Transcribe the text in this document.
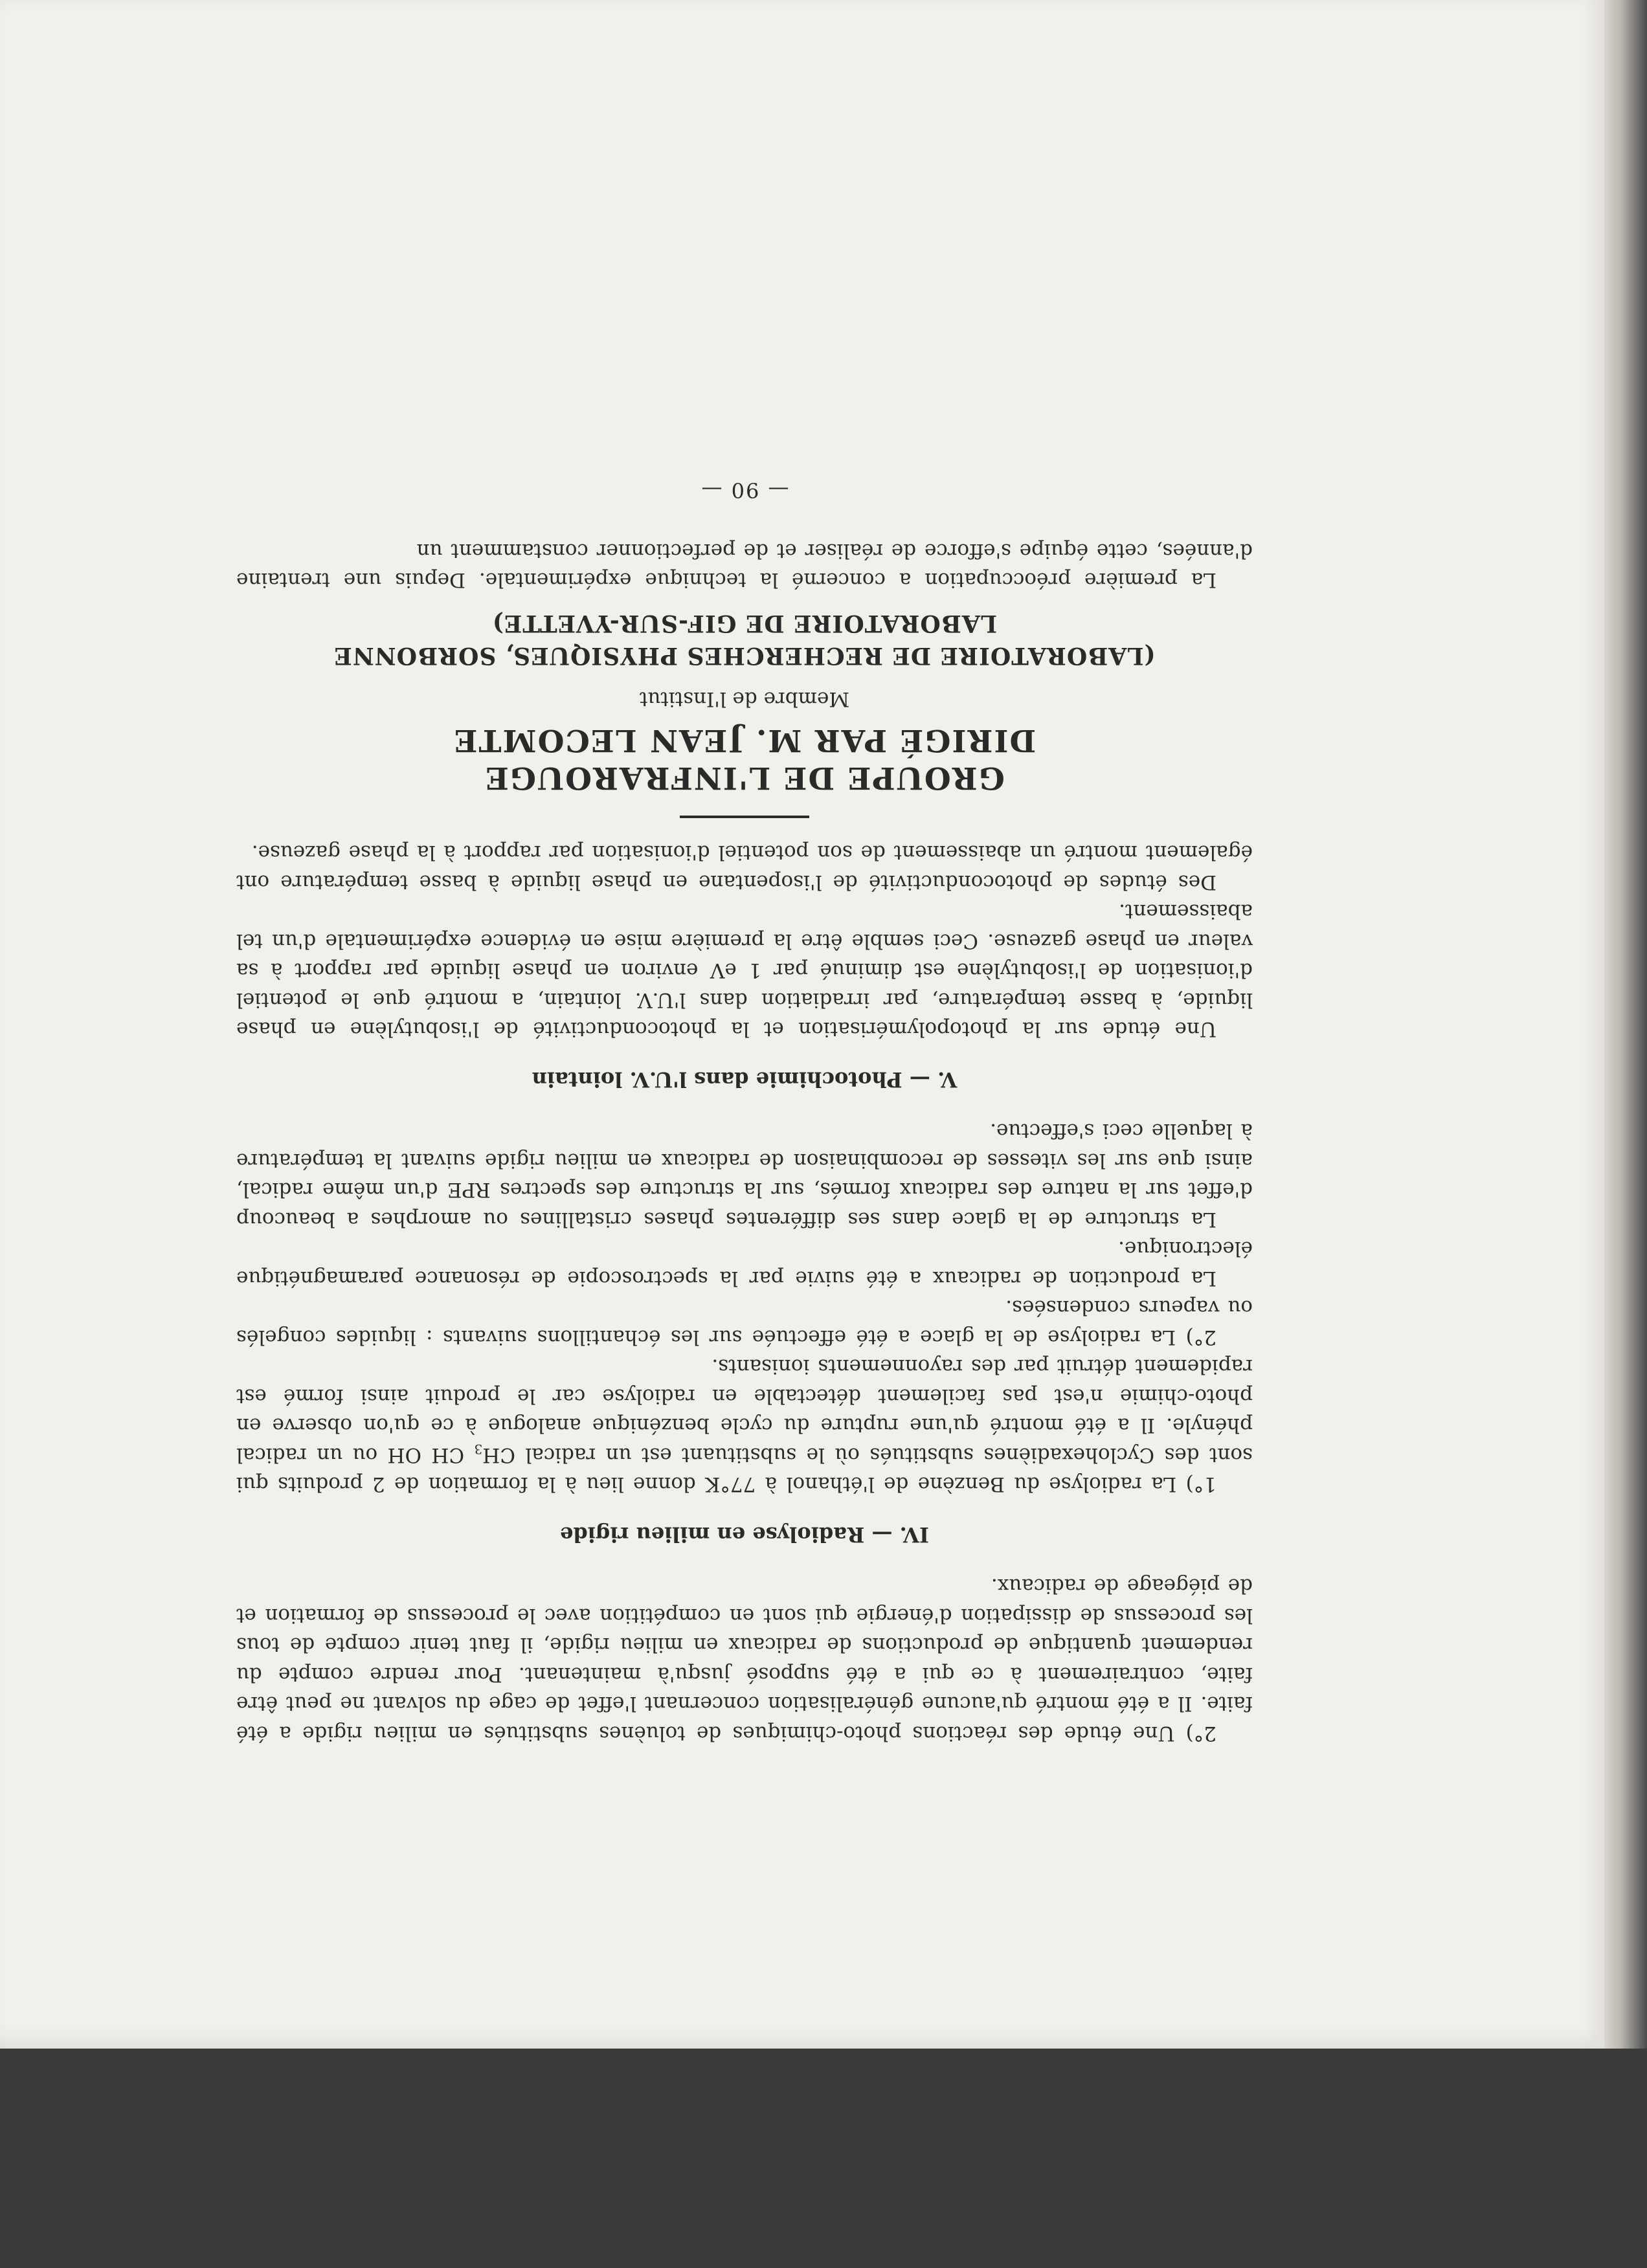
2°) Une étude des réactions photo-chimiques de toluènes substitués en milieu rigide a été faite. Il a été montré qu'aucune généralisation concernant l'effet de cage du solvant ne peut être faite, contrairement à ce qui a été supposé jusqu'à maintenant. Pour rendre compte du rendement quantique de productions de radicaux en milieu rigide, il faut tenir compte de tous les processus de dissipation d'énergie qui sont en compétition avec le processus de formation et de piégeage de radicaux.

IV. — Radiolyse en milieu rigide

1°) La radiolyse du Benzène de l'éthanol à 77°K donne lieu à la formation de 2 produits qui sont des Cyclohexadiènes substitués où le substituant est un radical $CH_3$ CH OH ou un radical phényle. Il a été montré qu'une rupture du cycle benzénique analogue à ce qu'on observe en photo-chimie n'est pas facilement détectable en radiolyse car le produit ainsi formé est rapidement détruit par des rayonnements ionisants.

2°) La radiolyse de la glace a été effectuée sur les échantillons suivants : liquides congelés ou vapeurs condensées.

La production de radicaux a été suivie par la spectroscopie de résonance paramagnétique électronique.

La structure de la glace dans ses différentes phases cristallines ou amorphes a beaucoup d'effet sur la nature des radicaux formés, sur la structure des spectres RPE d'un même radical, ainsi que sur les vitesses de recombinaison de radicaux en milieu rigide suivant la température à laquelle ceci s'effectue.

V. — Photochimie dans l'U.V. lointain

Une étude sur la photopolymérisation et la photoconductivité de l'isobutylène en phase liquide, à basse température, par irradiation dans l'U.V. lointain, a montré que le potentiel d'ionisation de l'isobutylène est diminué par 1 eV environ en phase liquide par rapport à sa valeur en phase gazeuse. Ceci semble être la première mise en évidence expérimentale d'un tel abaissement.

Des études de photoconductivité de l'isopentane en phase liquide à basse température ont également montré un abaissement de son potentiel d'ionisation par rapport à la phase gazeuse.

GROUPE DE L'INFRAROUGE
DIRIGÉ PAR M. JEAN LECOMTE
Membre de l'Institut
(LABORATOIRE DE RECHERCHES PHYSIQUES, SORBONNE
LABORATOIRE DE GIF-SUR-YVETTE)

La première préoccupation a concerné la technique expérimentale. Depuis une trentaine d'années, cette équipe s'efforce de réaliser et de perfectionner constamment un

— 90 —
